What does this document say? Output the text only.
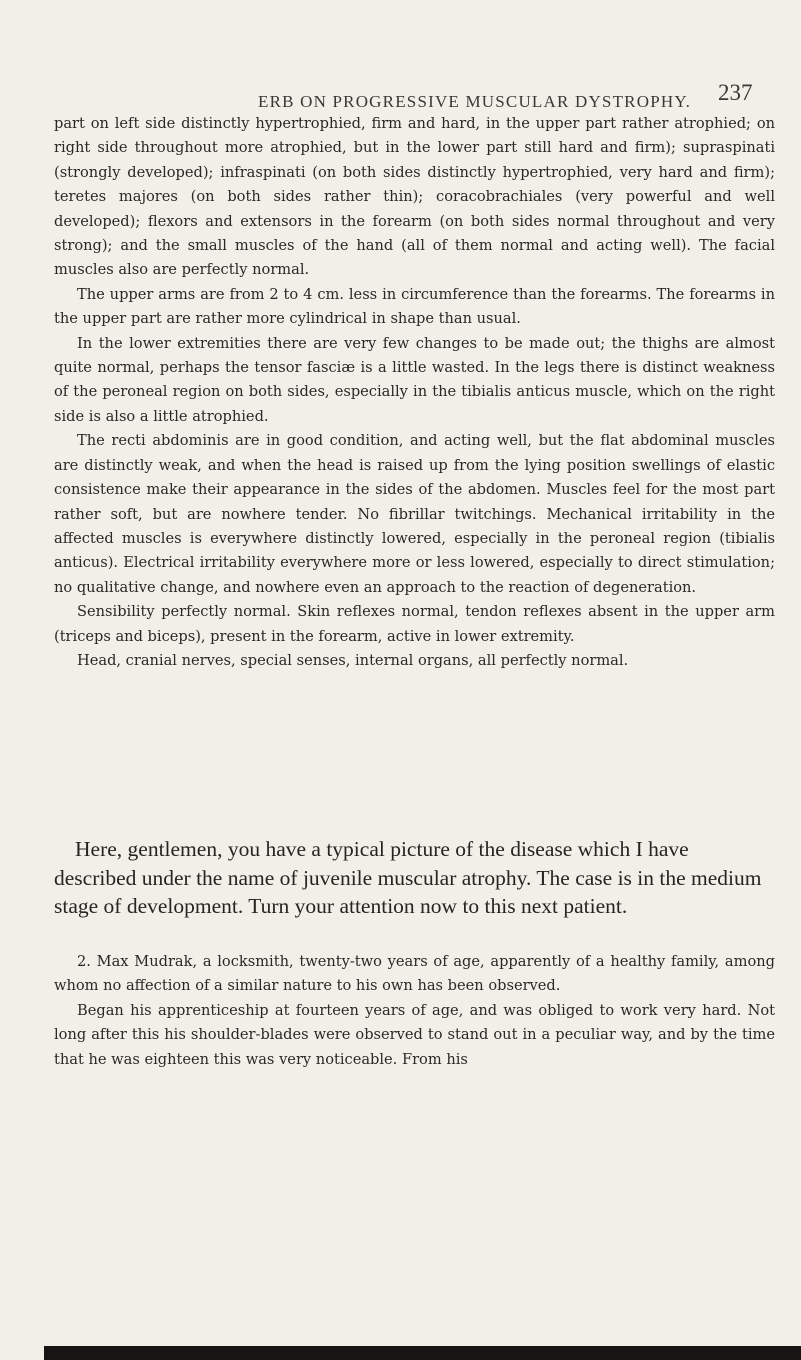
ERB ON PROGRESSIVE MUSCULAR DYSTROPHY. 237

part on left side distinctly hypertrophied, firm and hard, in the upper part rather atrophied; on right side throughout more atrophied, but in the lower part still hard and firm); supraspinati (strongly developed); infraspinati (on both sides distinctly hypertrophied, very hard and firm); teretes majores (on both sides rather thin); coracobrachiales (very powerful and well developed); flexors and extensors in the forearm (on both sides normal throughout and very strong); and the small muscles of the hand (all of them normal and acting well). The facial muscles also are perfectly normal.

The upper arms are from 2 to 4 cm. less in circumference than the forearms. The forearms in the upper part are rather more cylindrical in shape than usual.

In the lower extremities there are very few changes to be made out; the thighs are almost quite normal, perhaps the tensor fasciæ is a little wasted. In the legs there is distinct weakness of the peroneal region on both sides, especially in the tibialis anticus muscle, which on the right side is also a little atrophied.

The recti abdominis are in good condition, and acting well, but the flat abdominal muscles are distinctly weak, and when the head is raised up from the lying position swellings of elastic consistence make their appearance in the sides of the abdomen. Muscles feel for the most part rather soft, but are nowhere tender. No fibrillar twitchings. Mechanical irritability in the affected muscles is everywhere distinctly lowered, especially in the peroneal region (tibialis anticus). Electrical irritability everywhere more or less lowered, especially to direct stimulation; no qualitative change, and nowhere even an approach to the reaction of degeneration.

Sensibility perfectly normal. Skin reflexes normal, tendon reflexes absent in the upper arm (triceps and biceps), present in the forearm, active in lower extremity.

Head, cranial nerves, special senses, internal organs, all perfectly normal.

Here, gentlemen, you have a typical picture of the disease which I have described under the name of juvenile muscular atrophy. The case is in the medium stage of development. Turn your attention now to this next patient.

2. Max Mudrak, a locksmith, twenty-two years of age, apparently of a healthy family, among whom no affection of a similar nature to his own has been observed.

Began his apprenticeship at fourteen years of age, and was obliged to work very hard. Not long after this his shoulder-blades were observed to stand out in a peculiar way, and by the time that he was eighteen this was very noticeable. From his
